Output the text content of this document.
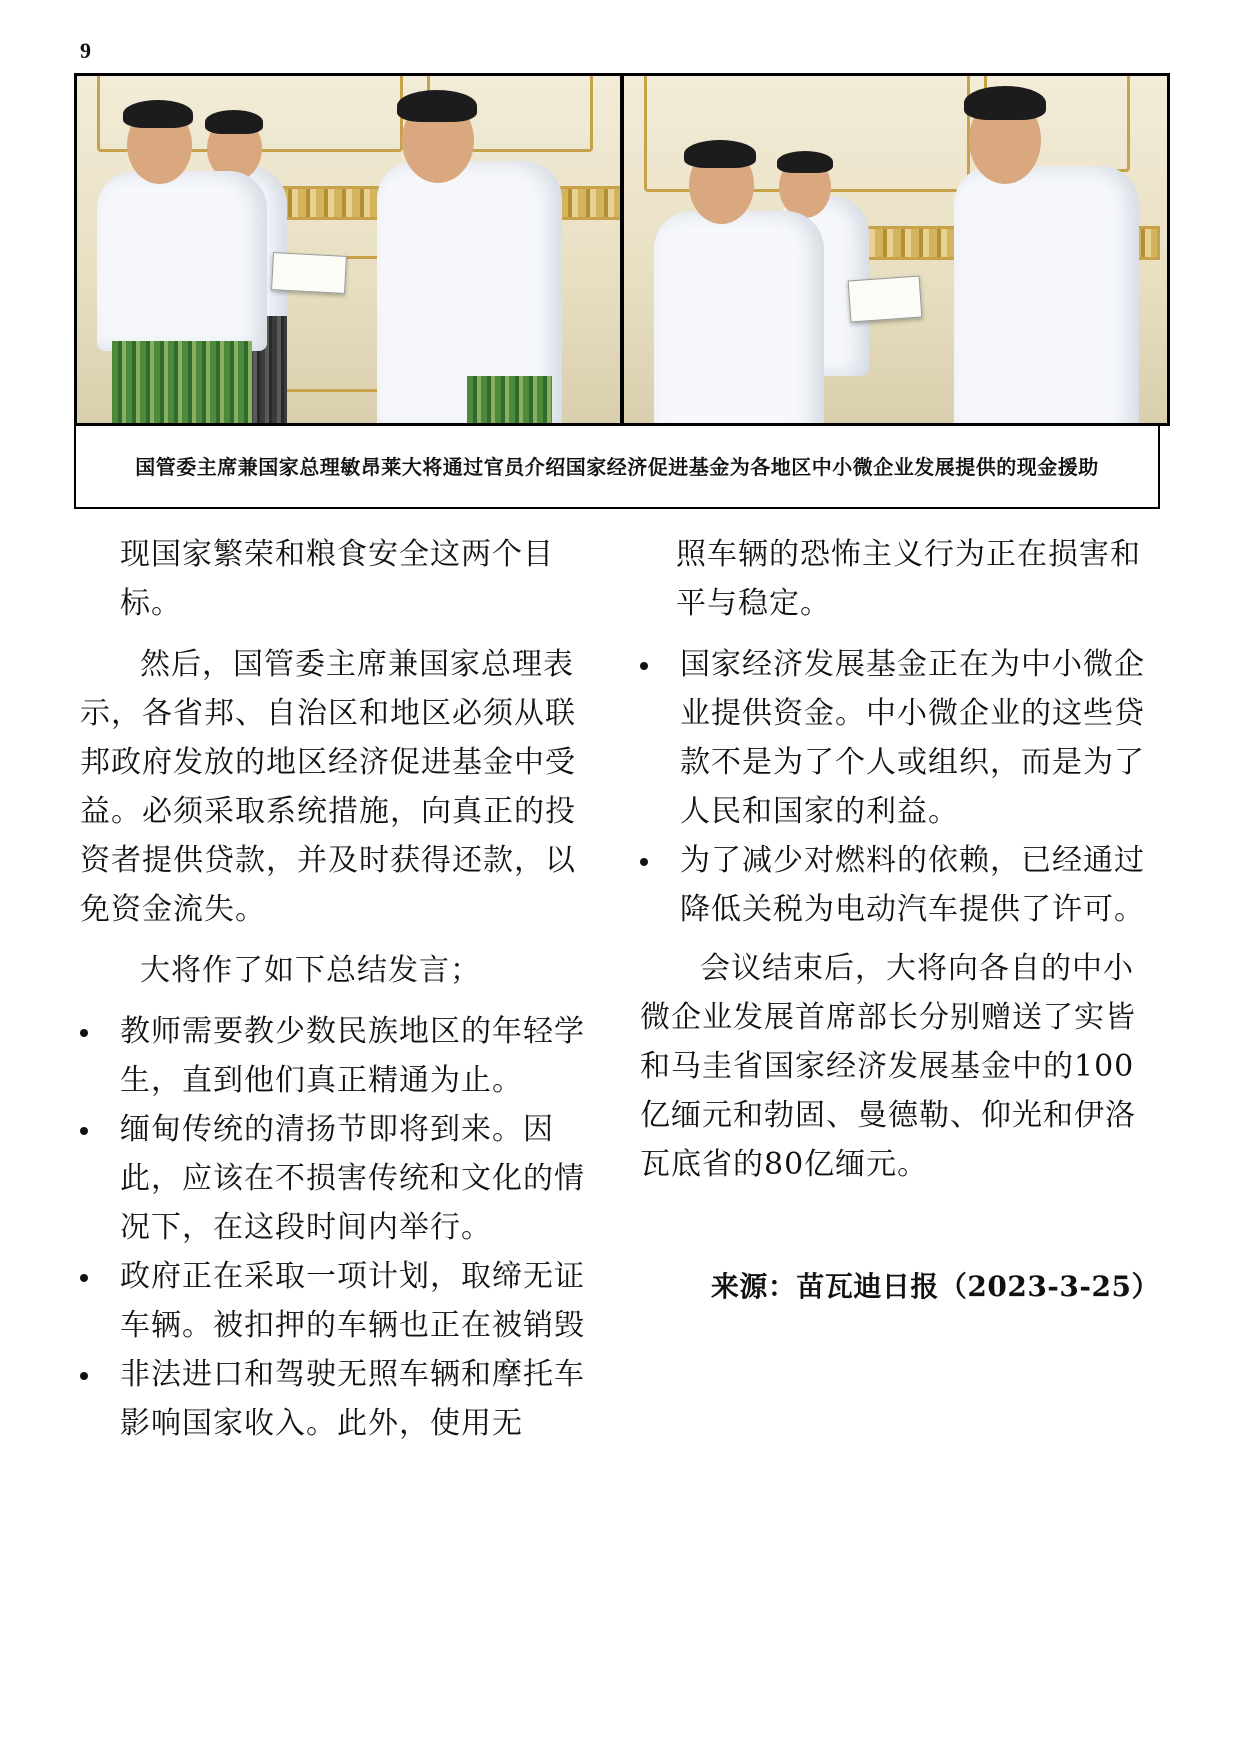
9
国管委主席兼国家总理敏昂莱大将通过官员介绍国家经济促进基金为各地区中小微企业发展提供的现金援助

现国家繁荣和粮食安全这两个目标。

然后，国管委主席兼国家总理表示，各省邦、自治区和地区必须从联邦政府发放的地区经济促进基金中受益。必须采取系统措施，向真正的投资者提供贷款，并及时获得还款，以免资金流失。

大将作了如下总结发言；

教师需要教少数民族地区的年轻学生，直到他们真正精通为止。
缅甸传统的清扬节即将到来。因此，应该在不损害传统和文化的情况下，在这段时间内举行。
政府正在采取一项计划，取缔无证车辆。被扣押的车辆也正在被销毁
非法进口和驾驶无照车辆和摩托车影响国家收入。此外，使用无

照车辆的恐怖主义行为正在损害和平与稳定。

国家经济发展基金正在为中小微企业提供资金。中小微企业的这些贷款不是为了个人或组织，而是为了人民和国家的利益。
为了减少对燃料的依赖，已经通过降低关税为电动汽车提供了许可。

会议结束后，大将向各自的中小微企业发展首席部长分别赠送了实皆和马圭省国家经济发展基金中的100亿缅元和勃固、曼德勒、仰光和伊洛瓦底省的80亿缅元。

来源：苗瓦迪日报（2023-3-25）
